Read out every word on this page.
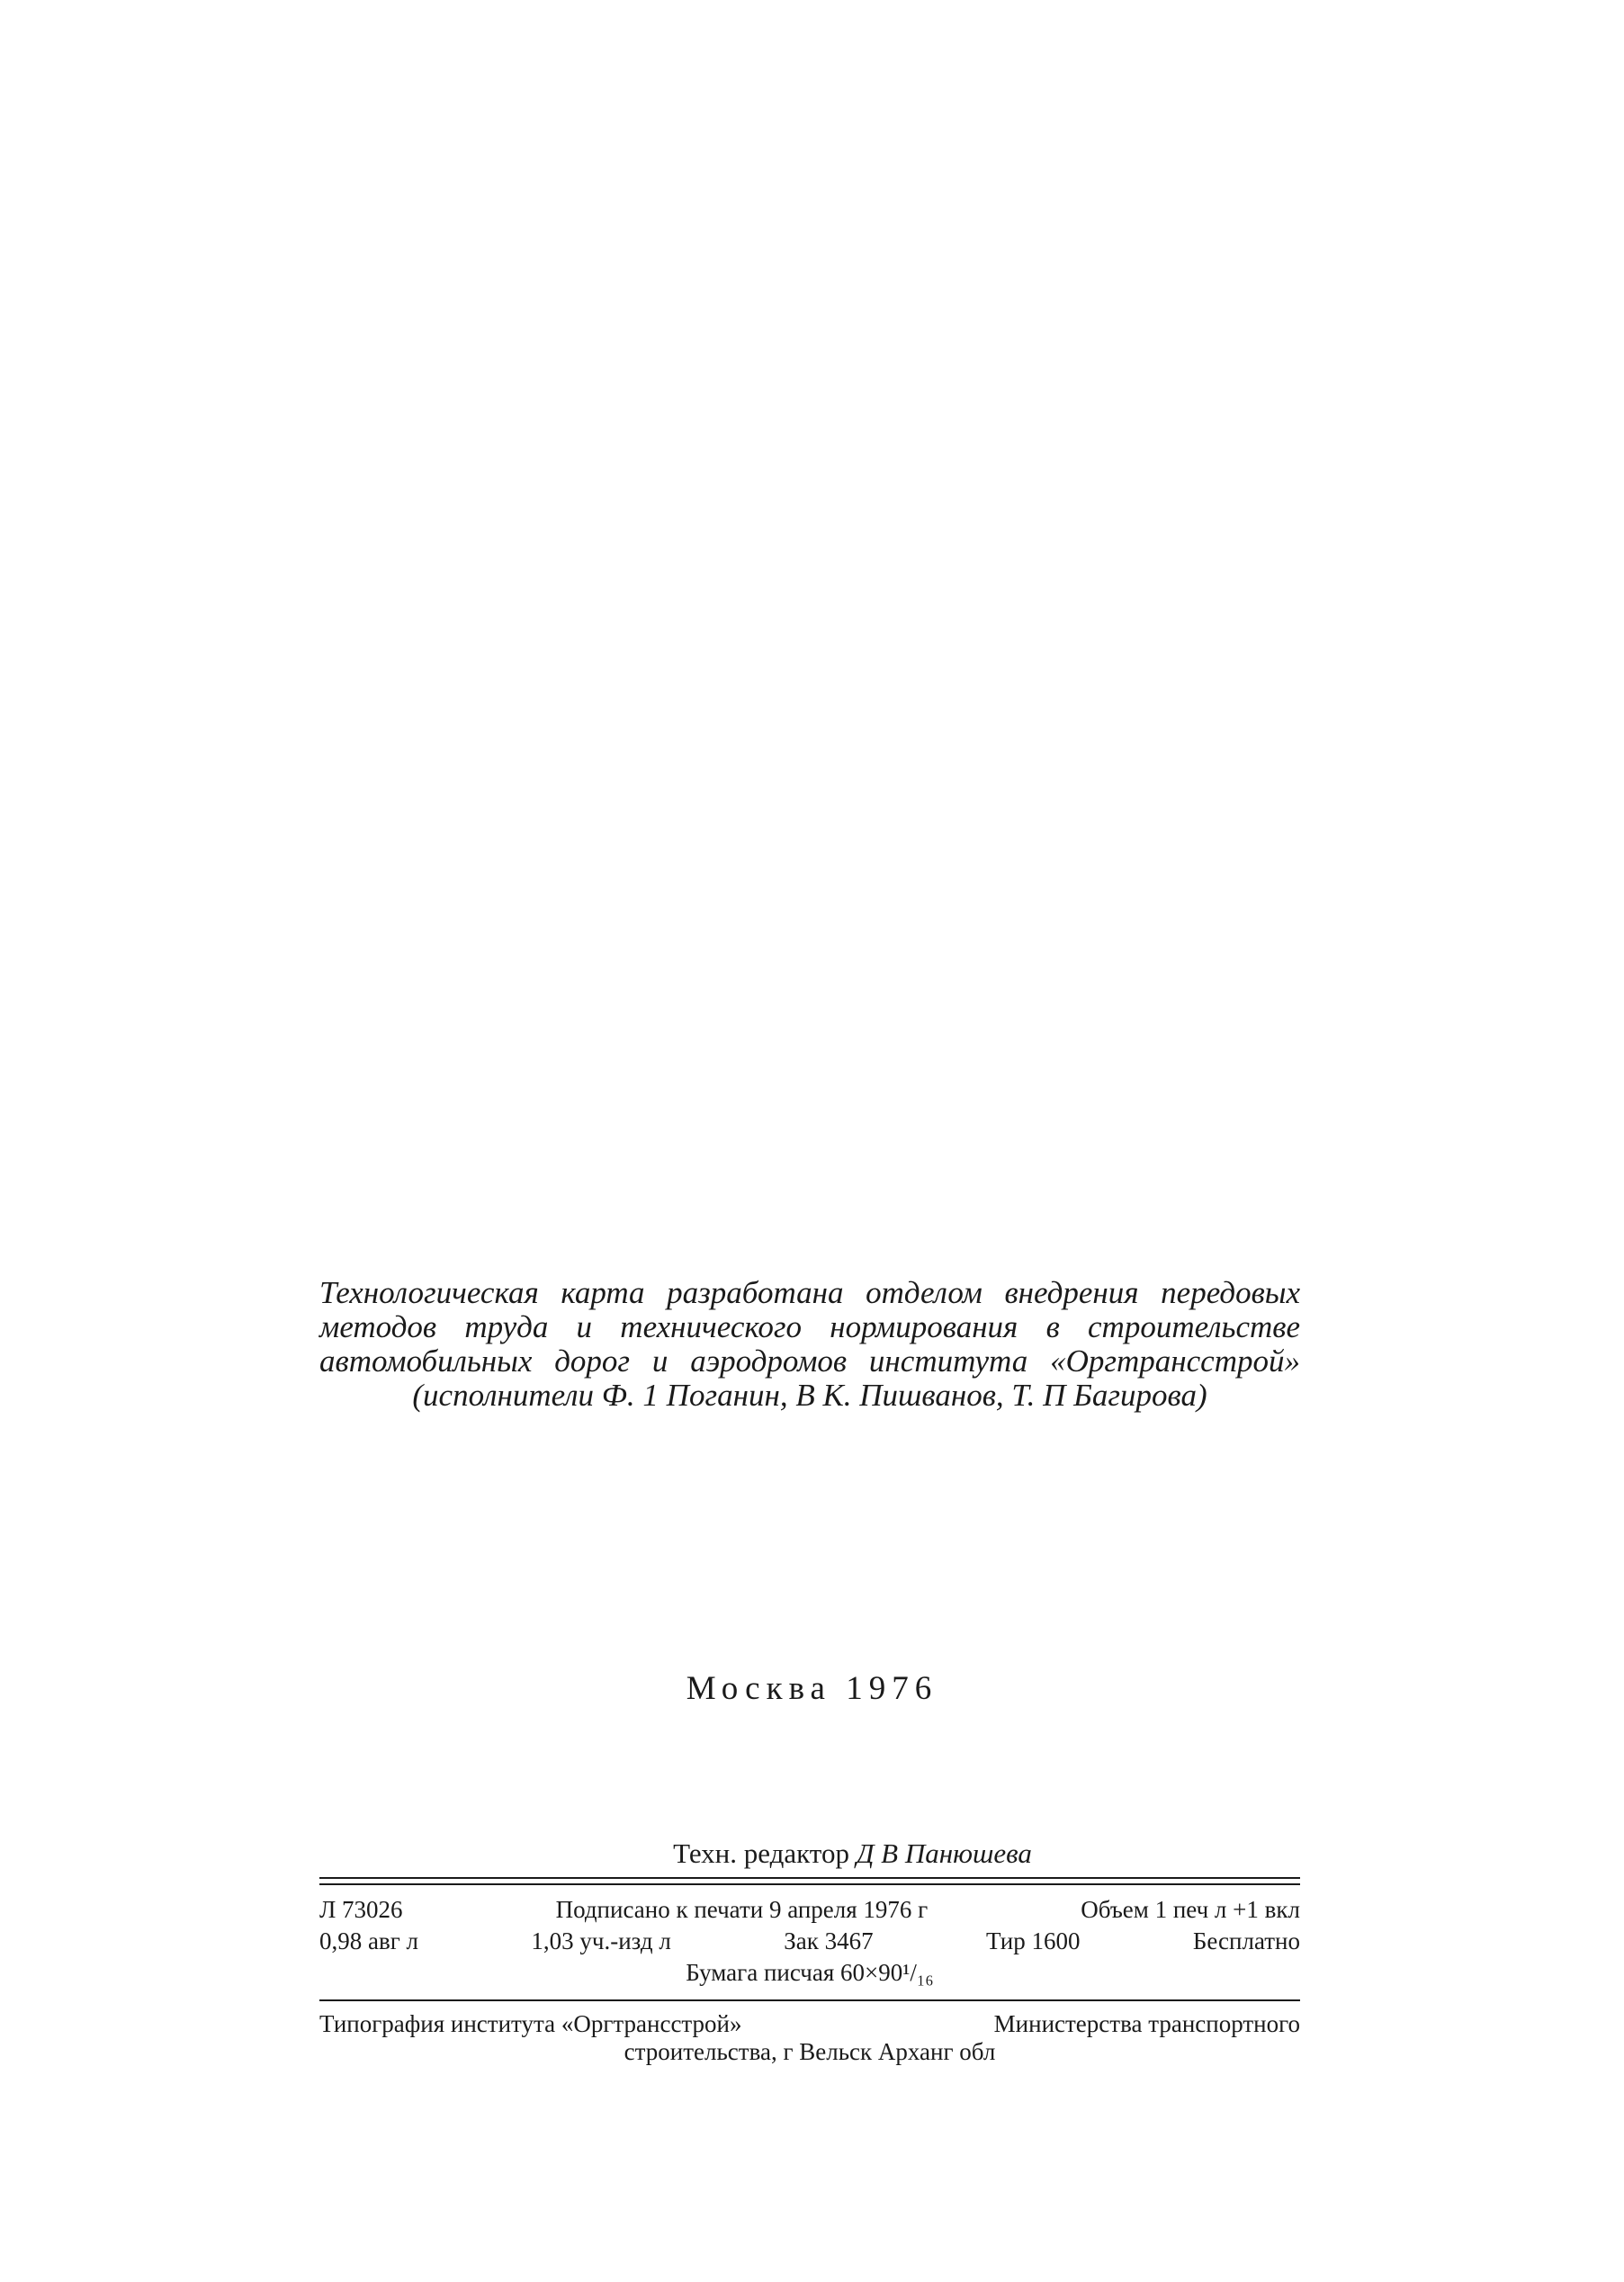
Технологическая карта разработана отделом внедрения передовых методов труда и технического нормирования в строительстве автомобильных дорог и аэродромов института «Оргтрансстрой» (исполнители Ф. 1 Поганин, В К. Пишванов, Т. П Багирова)
Москва 1976
Техн. редактор Д В Панюшева
Л 73026	Подписано к печати 9 апреля 1976 г	Объем 1 печ л +1 вкл
0,98 авг л	1,03 уч.-изд л	Зак 3467	Тир 1600	Бесплатно
Бумага писчая 60×90¹/₁₆
Типография института «Оргтрансстрой»	Министерства транспортного
строительства, г Вельск Арханг обл
